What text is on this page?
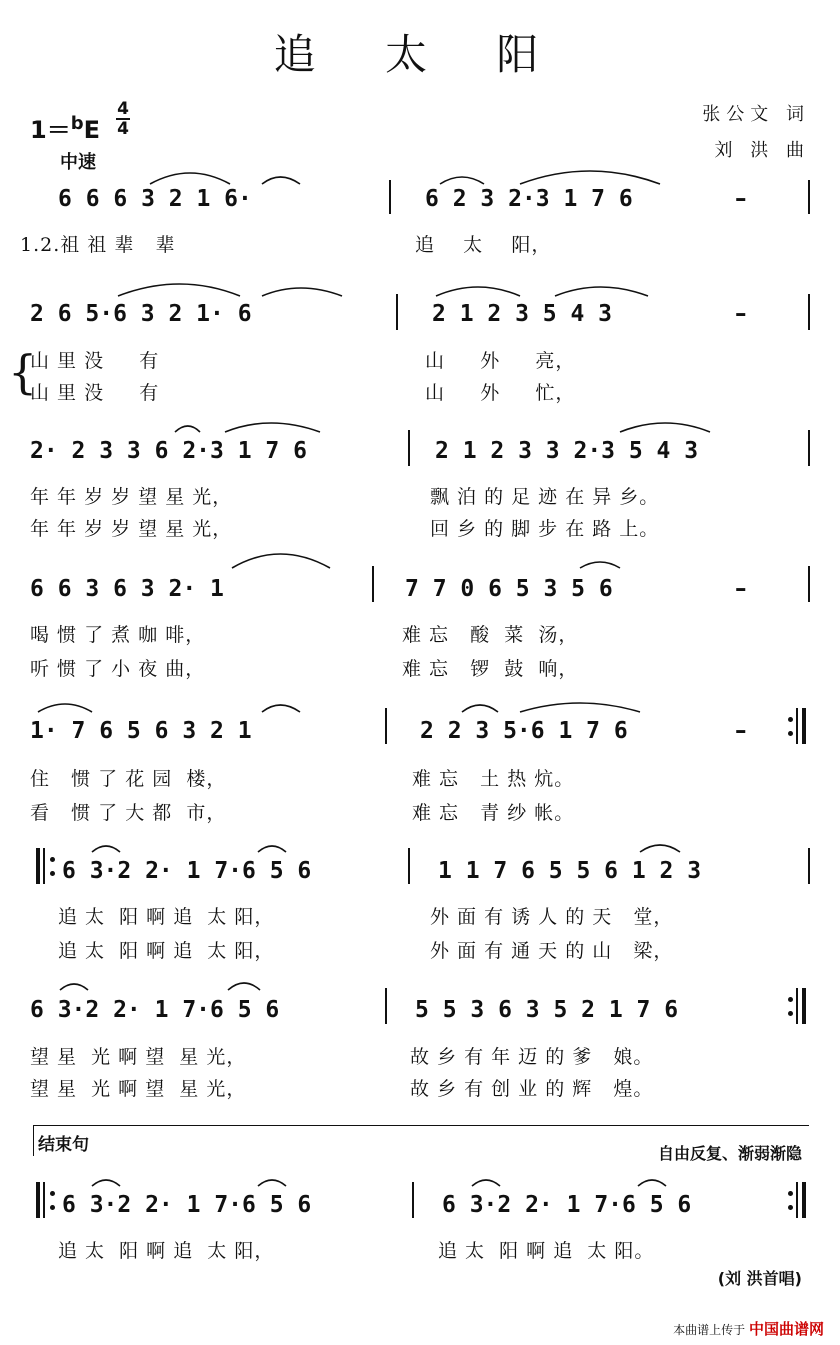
追 太 阳
1＝$^b$E
4
4
中速
张公文 词
刘 洪 曲
6 6 6 3 2 1 6·	6 2 3 2·3 1 7 6	–
1.2.祖 祖 辈   辈	追    太    阳，
2 6 5·6 3 2 1· 6	2 1 2 3 5 4 3	–
{
山 里 没     有	山     外     亮，
山 里 没     有	山     外     忙，
2· 2 3 3 6 2·3 1 7 6	2 1 2 3 3 2·3 5 4 3
年 年 岁 岁 望 星 光，	飘 泊 的 足 迹 在 异 乡。
年 年 岁 岁 望 星 光，	回 乡 的 脚 步 在 路 上。
6 6 3 6 3 2· 1	7 7 0 6 5 3 5 6	–
喝 惯 了 煮 咖 啡，	难 忘   酸  菜  汤，
听 惯 了 小 夜 曲，	难 忘   锣  鼓  响，
1· 7 6 5 6 3 2 1	2 2 3 5·6 1 7 6	–
住   惯 了 花 园  楼，	难 忘   土 热 炕。
看   惯 了 大 都  市，	难 忘   青 纱 帐。
6 3·2 2· 1 7·6 5 6	1 1 7 6 5 5 6 1 2 3
追 太  阳 啊 追  太 阳，	外 面 有 诱 人 的 天   堂，
追 太  阳 啊 追  太 阳，	外 面 有 通 天 的 山   梁，
6 3·2 2· 1 7·6 5 6	5 5 3 6 3 5 2 1 7 6
望 星  光 啊 望  星 光，	故 乡 有 年 迈 的 爹   娘。
望 星  光 啊 望  星 光，	故 乡 有 创 业 的 辉   煌。
结束句	自由反复、渐弱渐隐
6 3·2 2· 1 7·6 5 6	6 3·2 2· 1 7·6 5 6
追 太  阳 啊 追  太 阳，	追 太  阳 啊 追  太 阳。
(刘 洪首唱)
本曲谱上传于 中国曲谱网
